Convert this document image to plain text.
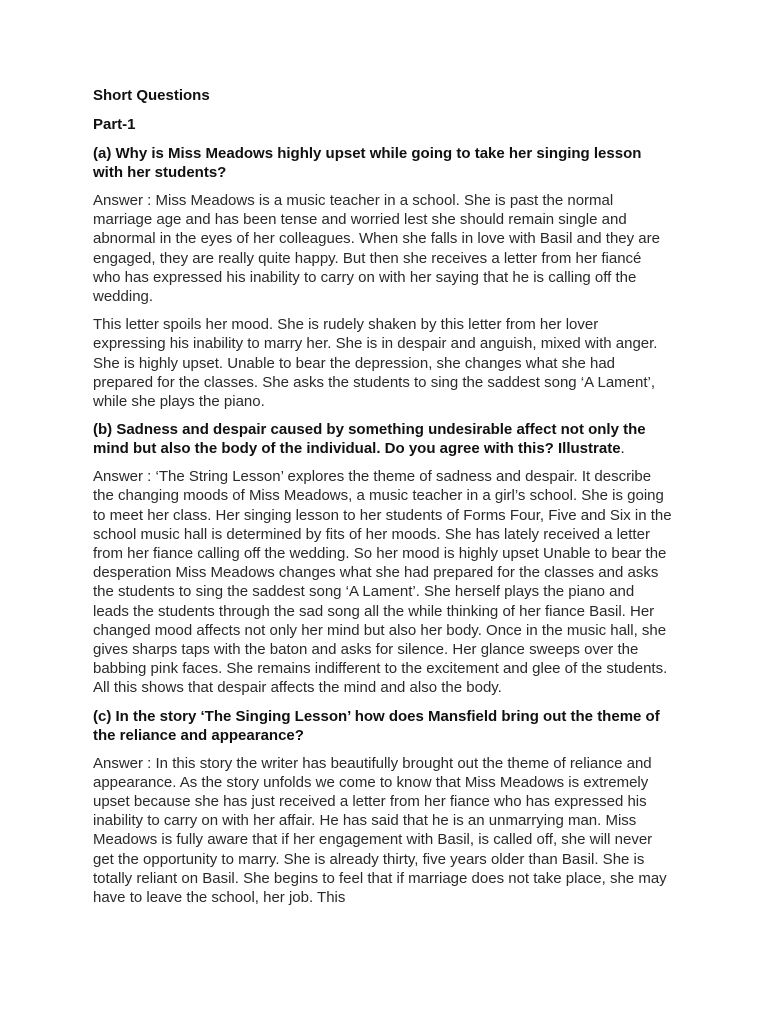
Short Questions

Part-1

(a) Why is Miss Meadows highly upset while going to take her singing lesson with her students?

Answer : Miss Meadows is a music teacher in a school. She is past the normal marriage age and has been tense and worried lest she should remain single and abnormal in the eyes of her colleagues. When she falls in love with Basil and they are engaged, they are really quite happy. But then she receives a letter from her fiancé who has expressed his inability to carry on with her saying that he is calling off the wedding.

This letter spoils her mood. She is rudely shaken by this letter from her lover expressing his inability to marry her. She is in despair and anguish, mixed with anger. She is highly upset. Unable to bear the depression, she changes what she had prepared for the classes. She asks the students to sing the saddest song ‘A Lament’, while she plays the piano.

(b) Sadness and despair caused by something undesirable affect not only the mind but also the body of the individual. Do you agree with this? Illustrate.

Answer : ‘The String Lesson’ explores the theme of sadness and despair. It describe the changing moods of Miss Meadows, a music teacher in a girl’s school. She is going to meet her class. Her singing lesson to her students of Forms Four, Five and Six in the school music hall is determined by fits of her moods. She has lately received a letter from her fiance calling off the wedding. So her mood is highly upset Unable to bear the desperation Miss Meadows changes what she had prepared for the classes and asks the students to sing the saddest song ‘A Lament’. She herself plays the piano and leads the students through the sad song all the while thinking of her fiance Basil. Her changed mood affects not only her mind but also her body. Once in the music hall, she gives sharps taps with the baton and asks for silence. Her glance sweeps over the babbing pink faces. She remains indifferent to the excitement and glee of the students. All this shows that despair affects the mind and also the body.

(c) In the story ‘The Singing Lesson’ how does Mansfield bring out the theme of the reliance and appearance?

Answer : In this story the writer has beautifully brought out the theme of reliance and appearance. As the story unfolds we come to know that Miss Meadows is extremely upset because she has just received a letter from her fiance who has expressed his inability to carry on with her affair. He has said that he is an unmarrying man. Miss Meadows is fully aware that if her engagement with Basil, is called off, she will never get the opportunity to marry. She is already thirty, five years older than Basil. She is totally reliant on Basil. She begins to feel that if marriage does not take place, she may have to leave the school, her job. This
